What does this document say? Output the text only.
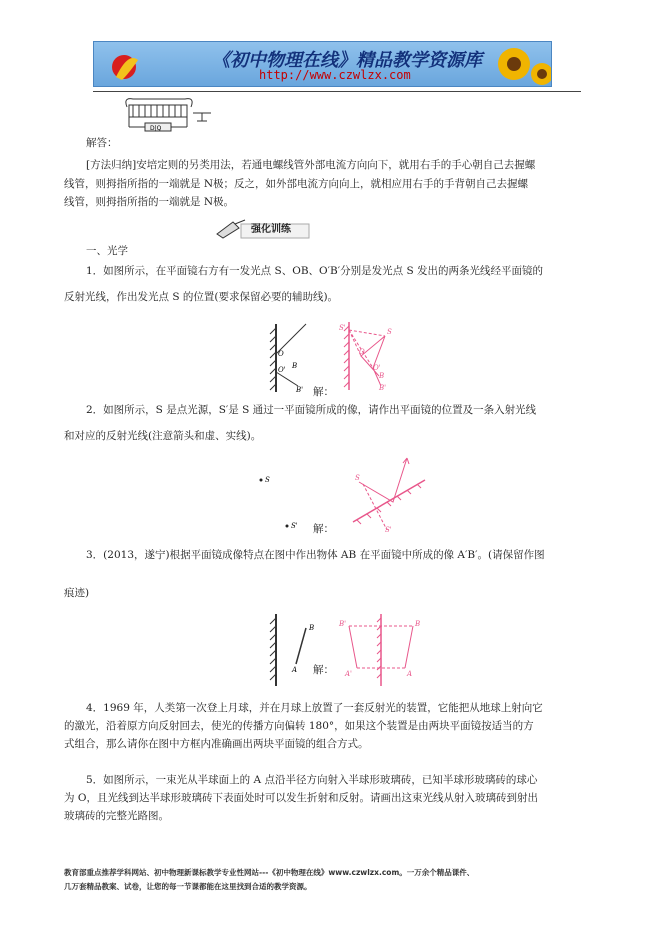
《初中物理在线》精品教学资源库
http://www.czwlzx.com
D|Q
解答：
[方法归纳]安培定则的另类用法，若通电螺线管外部电流方向向下，就用右手的手心朝自己去握螺
线管，则拇指所指的一端就是 N极；反之，如外部电流方向向上，就相应用右手的手背朝自己去握螺
线管，则拇指所指的一端就是 N极。
强化训练
一、光学
1．如图所示，在平面镜右方有一发光点 S、OB、O′B′分别是发光点 S 发出的两条光线经平面镜的
反射光线，作出发光点 S 的位置(要求保留必要的辅助线)。
O
O' B
B' 解：
S
S'
O
O'
B
B'
2．如图所示，S 是点光源，S′是 S 通过一平面镜所成的像，请作出平面镜的位置及一条入射光线
和对应的反射光线(注意箭头和虚、实线)。
S
S' 解：
S
S'
3．(2013，遂宁)根据平面镜成像特点在图中作出物体 AB 在平面镜中所成的像 A′B′。(请保留作图
痕迹)
B
A 解：
B'	B
A'	A
4．1969 年，人类第一次登上月球，并在月球上放置了一套反射光的装置，它能把从地球上射向它
的激光，沿着原方向反射回去，使光的传播方向偏转 180°，如果这个装置是由两块平面镜按适当的方
式组合，那么请你在图中方框内准确画出两块平面镜的组合方式。
5．如图所示，一束光从半球面上的 A 点沿半径方向射入半球形玻璃砖，已知半球形玻璃砖的球心
为 O，且光线到达半球形玻璃砖下表面处时可以发生折射和反射。请画出这束光线从射入玻璃砖到射出
玻璃砖的完整光路图。
教育部重点推荐学科网站、初中物理新课标教学专业性网站---《初中物理在线》www.czwlzx.com。一万余个精品课件、
几万套精品教案、试卷，让您的每一节课都能在这里找到合适的教学资源。
